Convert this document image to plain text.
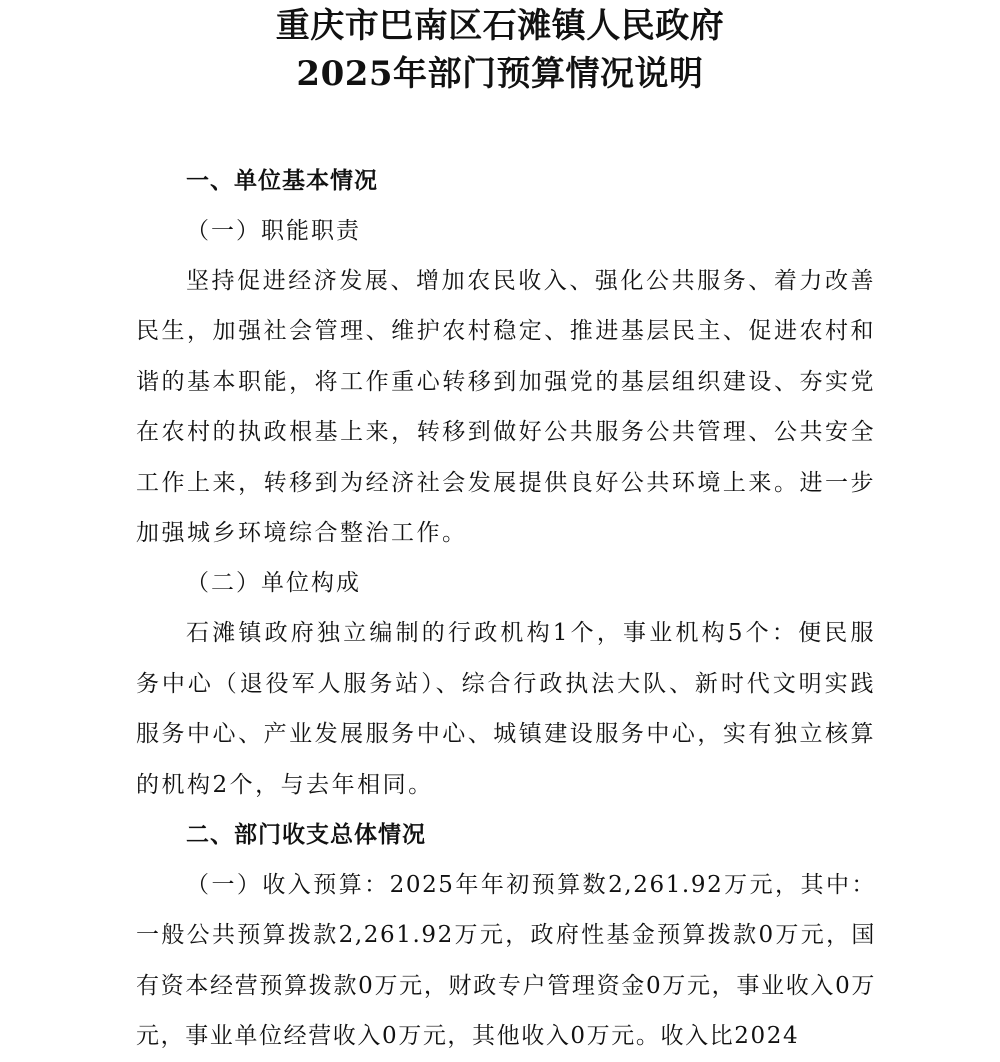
重庆市巴南区石滩镇人民政府
2025年部门预算情况说明
一、单位基本情况
（一）职能职责

坚持促进经济发展、增加农民收入、强化公共服务、着力改善民生，加强社会管理、维护农村稳定、推进基层民主、促进农村和谐的基本职能，将工作重心转移到加强党的基层组织建设、夯实党在农村的执政根基上来，转移到做好公共服务公共管理、公共安全工作上来，转移到为经济社会发展提供良好公共环境上来。进一步加强城乡环境综合整治工作。

（二）单位构成

石滩镇政府独立编制的行政机构1个，事业机构5个：便民服务中心（退役军人服务站）、综合行政执法大队、新时代文明实践服务中心、产业发展服务中心、城镇建设服务中心，实有独立核算的机构2个，与去年相同。

二、部门收支总体情况

（一）收入预算：2025年年初预算数2,261.92万元，其中：一般公共预算拨款2,261.92万元，政府性基金预算拨款0万元，国有资本经营预算拨款0万元，财政专户管理资金0万元，事业收入0万元，事业单位经营收入0万元，其他收入0万元。收入比2024
